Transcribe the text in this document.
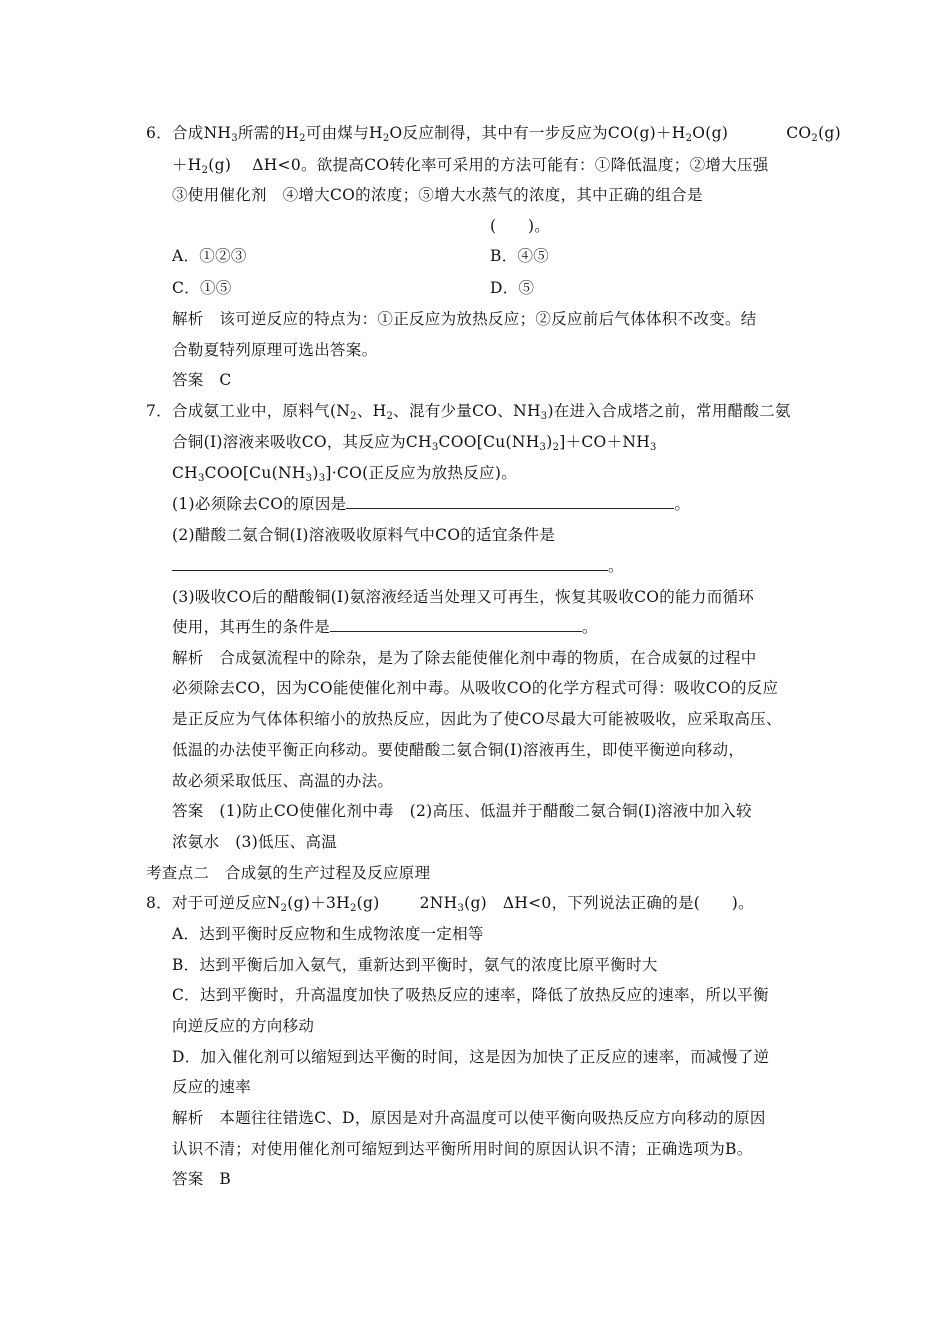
6．合成$NH_3$所需的$H_2$可由煤与$H_2O$反应制得，其中有一步反应为$CO(g)+H_2O(g)$	$CO_2(g)$
$+H_2(g)$　 ΔH<0。欲提高CO转化率可采用的方法可能有：①降低温度；②增大压强
③使用催化剂　④增大CO的浓度；⑤增大水蒸气的浓度，其中正确的组合是
(　　)。
A．①②③	B．④⑤
C．①⑤	D．⑤
解析　该可逆反应的特点为：①正反应为放热反应；②反应前后气体体积不改变。结
合勒夏特列原理可选出答案。
答案　C
7．合成氨工业中，原料气($N_2$、$H_2$、混有少量CO、$NH_3$)在进入合成塔之前，常用醋酸二氨
合铜(Ⅰ)溶液来吸收CO，其反应为$CH_3COO[Cu(NH_3)_2]+CO+NH_3$
$CH_3COO[Cu(NH_3)_3]\cdot CO$(正反应为放热反应)。
(1)必须除去CO的原因是	。
(2)醋酸二氨合铜(Ⅰ)溶液吸收原料气中CO的适宜条件是
。
(3)吸收CO后的醋酸铜(Ⅰ)氨溶液经适当处理又可再生，恢复其吸收CO的能力而循环
使用，其再生的条件是	。
解析　合成氨流程中的除杂，是为了除去能使催化剂中毒的物质，在合成氨的过程中
必须除去CO，因为CO能使催化剂中毒。从吸收CO的化学方程式可得：吸收CO的反应
是正反应为气体体积缩小的放热反应，因此为了使CO尽最大可能被吸收，应采取高压、
低温的办法使平衡正向移动。要使醋酸二氨合铜(Ⅰ)溶液再生，即使平衡逆向移动，
故必须采取低压、高温的办法。
答案　(1)防止CO使催化剂中毒　(2)高压、低温并于醋酸二氨合铜(Ⅰ)溶液中加入较
浓氨水　(3)低压、高温
考查点二　合成氨的生产过程及反应原理
8．对于可逆反应$N_2(g)+3H_2(g)$	$2NH_3(g)$　ΔH<0，下列说法正确的是(　　)。
A．达到平衡时反应物和生成物浓度一定相等
B．达到平衡后加入氨气，重新达到平衡时，氨气的浓度比原平衡时大
C．达到平衡时，升高温度加快了吸热反应的速率，降低了放热反应的速率，所以平衡
向逆反应的方向移动
D．加入催化剂可以缩短到达平衡的时间，这是因为加快了正反应的速率，而减慢了逆
反应的速率
解析　本题往往错选C、D，原因是对升高温度可以使平衡向吸热反应方向移动的原因
认识不清；对使用催化剂可缩短到达平衡所用时间的原因认识不清；正确选项为B。
答案　B
